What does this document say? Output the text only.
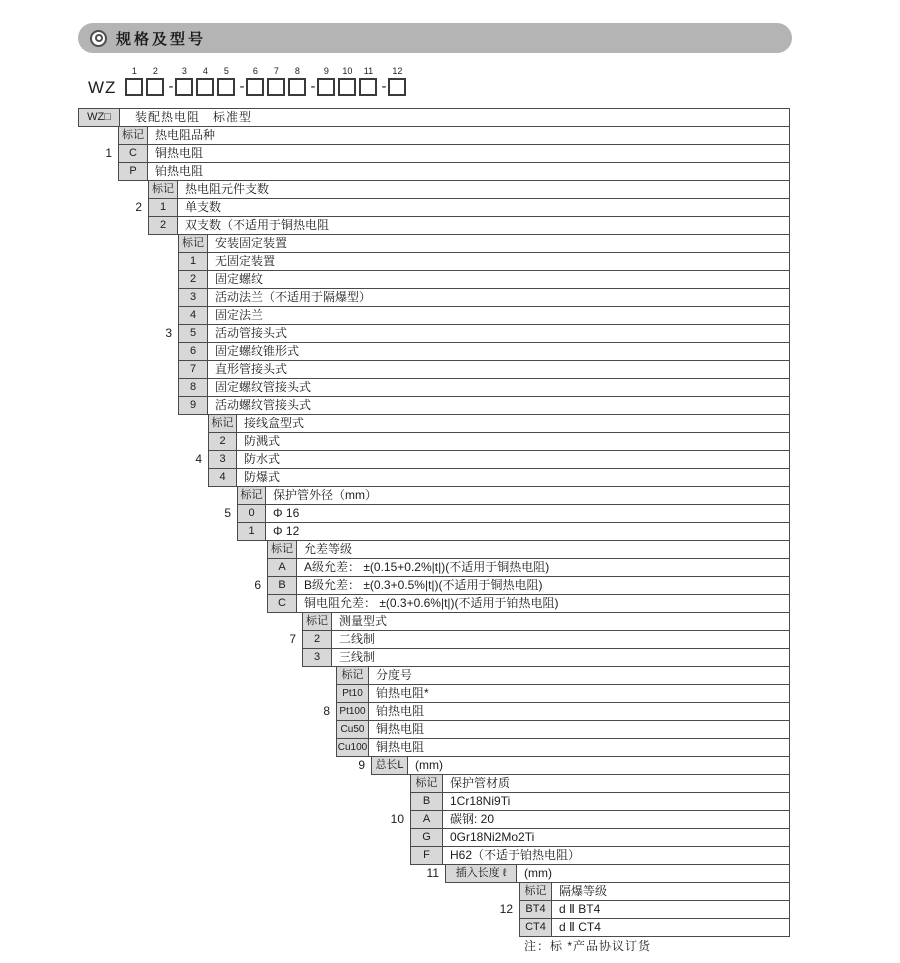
规格及型号
WZ
1 2
-
3 4 5
-
6 7 8
-
9 10 11
-
12
WZ□	装配热电阻　标准型
标记 热电阻品种
C	铜热电阻
1
P	铂热电阻
标记 热电阻元件支数
1	单支数
2
2	双支数（不适用于铜热电阻
标记 安装固定装置
1	无固定装置
2	固定螺纹
3	活动法兰（不适用于隔爆型）
4	固定法兰
5	活动管接头式
3
6	固定螺纹锥形式
7	直形管接头式
8	固定螺纹管接头式
9	活动螺纹管接头式
标记 接线盒型式
2	防溅式
3	防水式
4
4	防爆式
标记 保护管外径（mm）
0	Φ 16
5
1	Φ 12
标记 允差等级
A	A级允差： ±(0.15+0.2%|t|)(不适用于铜热电阻)
B	B级允差： ±(0.3+0.5%|t|)(不适用于铜热电阻)
6
C	铜电阻允差： ±(0.3+0.6%|t|)(不适用于铂热电阻)
标记 测量型式
2	二线制
7
3	三线制
标记	分度号
Pt10	铂热电阻*
Pt100 铂热电阻
8
Cu50 铜热电阻
Cu100 铜热电阻
总长L (mm)
9
标记	保护管材质
B	1Cr18Ni9Ti
A	碳钢: 20
10
G	0Gr18Ni2Mo2Ti
F	H62（不适于铂热电阻）
插入长度 ℓ	(mm)
11
标记	隔爆等级
BT4	d Ⅱ BT4
12
CT4	d Ⅱ CT4
注：标 *产品协议订货
